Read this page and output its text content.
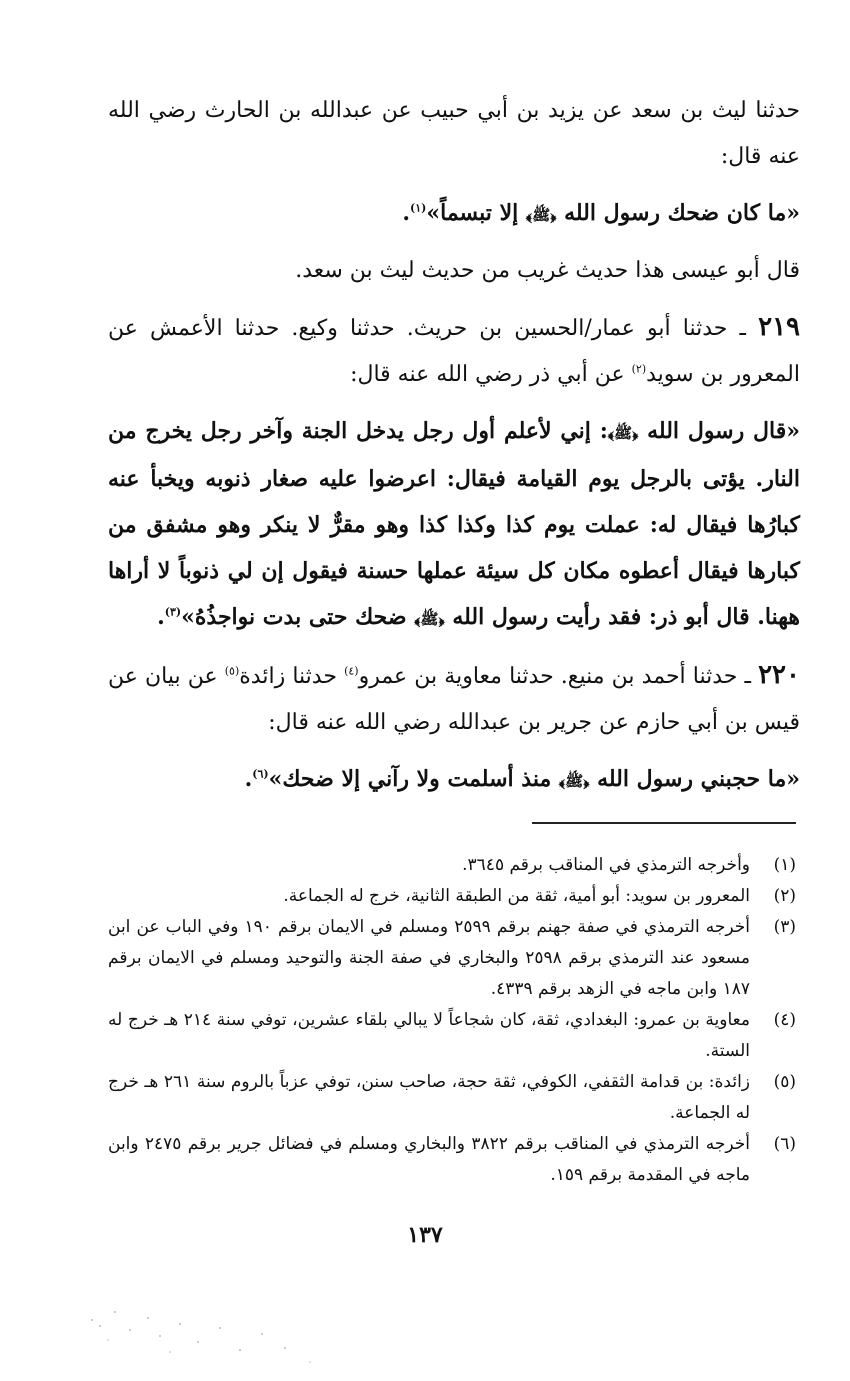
حدثنا ليث بن سعد عن يزيد بن أبي حبيب عن عبدالله بن الحارث رضي الله عنه قال:

«ما كان ضحك رسول الله ﴿ﷺ﴾ إلا تبسماً»$^{(١)}$.

قال أبو عيسى هذا حديث غريب من حديث ليث بن سعد.

٢١٩ ـ حدثنا أبو عمار/الحسين بن حريث. حدثنا وكيع. حدثنا الأعمش عن المعرور بن سويد$^{(٢)}$ عن أبي ذر رضي الله عنه قال:

«قال رسول الله ﴿ﷺ﴾: إني لأعلم أول رجل يدخل الجنة وآخر رجل يخرج من النار. يؤتى بالرجل يوم القيامة فيقال: اعرضوا عليه صغار ذنوبه ويخبأ عنه كبارُها فيقال له: عملت يوم كذا وكذا كذا وهو مقرٌّ لا ينكر وهو مشفق من كبارها فيقال أعطوه مكان كل سيئة عملها حسنة فيقول إن لي ذنوباً لا أراها ههنا. قال أبو ذر: فقد رأيت رسول الله ﴿ﷺ﴾ ضحك حتى بدت نواجذُهُ»$^{(٣)}$.

٢٢٠ ـ حدثنا أحمد بن منيع. حدثنا معاوية بن عمرو$^{(٤)}$ حدثنا زائدة$^{(٥)}$ عن بيان عن قيس بن أبي حازم عن جرير بن عبدالله رضي الله عنه قال:

«ما حجبني رسول الله ﴿ﷺ﴾ منذ أسلمت ولا رآني إلا ضحك»$^{(٦)}$.

(١)
وأخرجه الترمذي في المناقب برقم ٣٦٤٥.
(٢)
المعرور بن سويد: أبو أمية، ثقة من الطبقة الثانية، خرج له الجماعة.
(٣)
أخرجه الترمذي في صفة جهنم برقم ٢٥٩٩ ومسلم في الايمان برقم ١٩٠ وفي الباب عن ابن مسعود عند الترمذي برقم ٢٥٩٨ والبخاري في صفة الجنة والتوحيد ومسلم في الايمان برقم ١٨٧ وابن ماجه في الزهد برقم ٤٣٣٩.
(٤)
معاوية بن عمرو: البغدادي، ثقة، كان شجاعاً لا يبالي بلقاء عشرين، توفي سنة ٢١٤ هـ خرج له الستة.
(٥)
زائدة: بن قدامة الثقفي، الكوفي، ثقة حجة، صاحب سنن، توفي عزباً بالروم سنة ٢٦١ هـ خرج له الجماعة.
(٦)
أخرجه الترمذي في المناقب برقم ٣٨٢٢ والبخاري ومسلم في فضائل جرير برقم ٢٤٧٥ وابن ماجه في المقدمة برقم ١٥٩.
١٣٧
